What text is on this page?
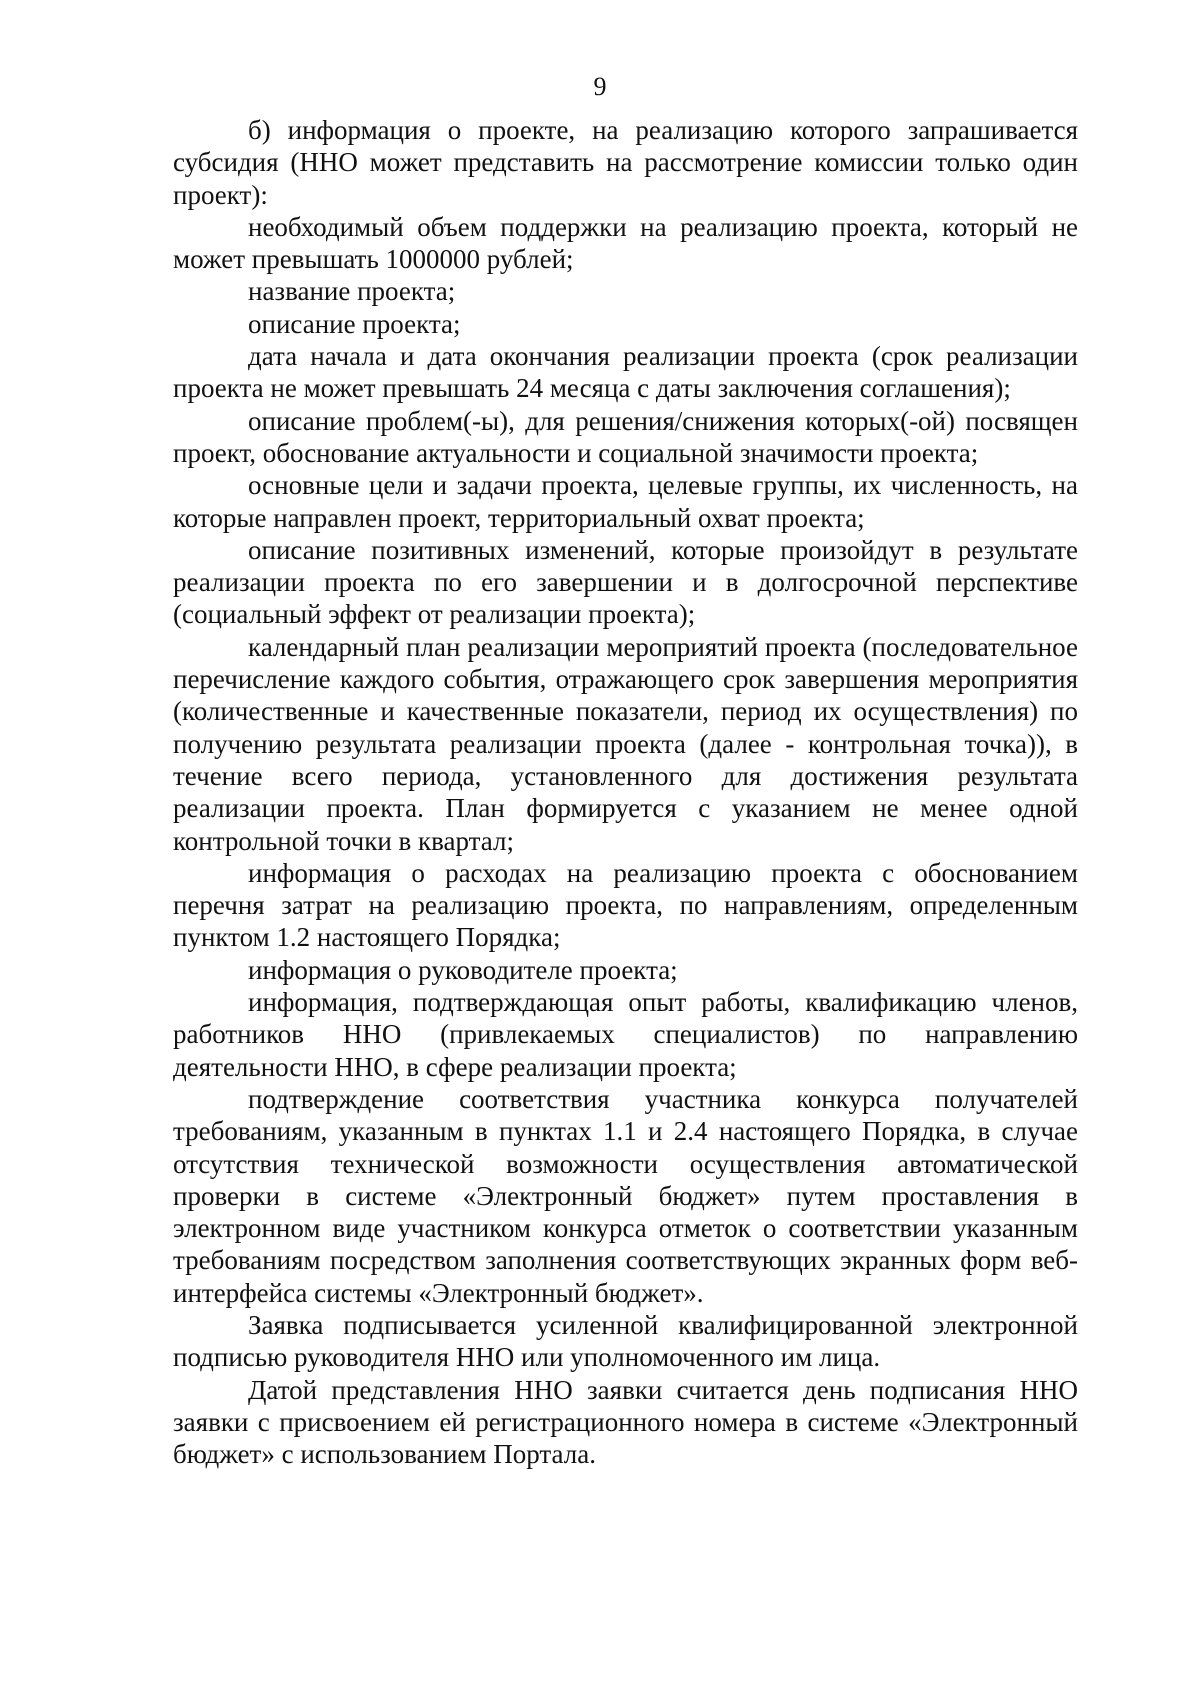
9

б) информация о проекте, на реализацию которого запрашивается субсидия (ННО может представить на рассмотрение комиссии только один проект):

необходимый объем поддержки на реализацию проекта, который не может превышать 1000000 рублей;

название проекта;

описание проекта;

дата начала и дата окончания реализации проекта (срок реализации проекта не может превышать 24 месяца с даты заключения соглашения);

описание проблем(-ы), для решения/снижения которых(-ой) посвящен проект, обоснование актуальности и социальной значимости проекта;

основные цели и задачи проекта, целевые группы, их численность, на которые направлен проект, территориальный охват проекта;

описание позитивных изменений, которые произойдут в результате реализации проекта по его завершении и в долгосрочной перспективе (социальный эффект от реализации проекта);

календарный план реализации мероприятий проекта (последовательное перечисление каждого события, отражающего срок завершения мероприятия (количественные и качественные показатели, период их осуществления) по получению результата реализации проекта (далее - контрольная точка)), в течение всего периода, установленного для достижения результата реализации проекта. План формируется с указанием не менее одной контрольной точки в квартал;

информация о расходах на реализацию проекта с обоснованием перечня затрат на реализацию проекта, по направлениям, определенным пунктом 1.2 настоящего Порядка;

информация о руководителе проекта;

информация, подтверждающая опыт работы, квалификацию членов, работников ННО (привлекаемых специалистов) по направлению деятельности ННО, в сфере реализации проекта;

подтверждение соответствия участника конкурса получателей требованиям, указанным в пунктах 1.1 и 2.4 настоящего Порядка, в случае отсутствия технической возможности осуществления автоматической проверки в системе «Электронный бюджет» путем проставления в электронном виде участником конкурса отметок о соответствии указанным требованиям посредством заполнения соответствующих экранных форм веб-интерфейса системы «Электронный бюджет».

Заявка подписывается усиленной квалифицированной электронной подписью руководителя ННО или уполномоченного им лица.

Датой представления ННО заявки считается день подписания ННО заявки с присвоением ей регистрационного номера в системе «Электронный бюджет» с использованием Портала.
